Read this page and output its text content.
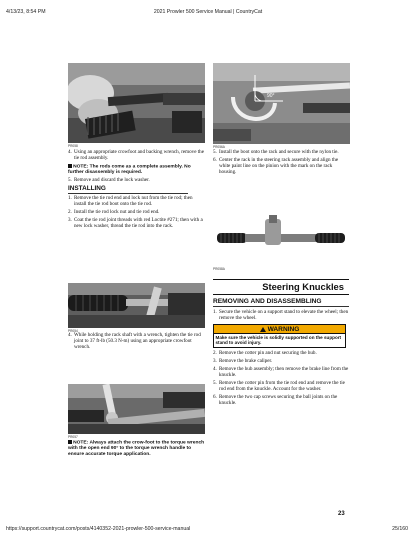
4/13/23, 8:54 PM	2021 Prowler 500 Service Manual | CountryCat
PR058
90°
PR056A
4. Using an appropriate crowfoot and backing wrench, remove the tie rod assembly.
NOTE: The rods come as a complete assembly. No further disassembly is required.
5. Remove and discard the lock washer.
INSTALLING
1. Remove the tie rod end and lock nut from the tie rod; then install the tie rod boot onto the tie rod.
2. Install the tie rod lock nut and tie rod end.
3. Coat the tie rod joint threads with red Loctite #271; then with a new lock washer, thread the tie rod into the rack.
PR058A
5. Install the boot onto the rack and secure with the nylon tie.
6. Center the rack in the steering rack assembly and align the white paint line on the pinion with the mark on the rack housing.
Steering Knuckles
REMOVING AND DISASSEMBLING
1. Secure the vehicle on a support stand to elevate the wheel; then remove the wheel.
WARNING
Make sure the vehicle is solidly supported on the support stand to avoid injury.
2. Remove the cotter pin and nut securing the hub.
3. Remove the brake caliper.
4. Remove the hub assembly; then remove the brake line from the knuckle.
5. Remove the cotter pin from the tie rod end and remove the tie rod end from the knuckle. Account for the washer.
6. Remove the two cap screws securing the ball joints on the knuckle.
PR054
4. While holding the rack shaft with a wrench, tighten the tie rod joint to 37 ft-lb (50.3 N-m) using an appropriate crowfoot wrench.
PR057
NOTE: Always attach the crow-foot to the torque wrench with the open end 90° to the torque wrench handle to ensure accurate torque application.
23
https://support.countrycat.com/posts/4140352-2021-prowler-500-service-manual	25/160
